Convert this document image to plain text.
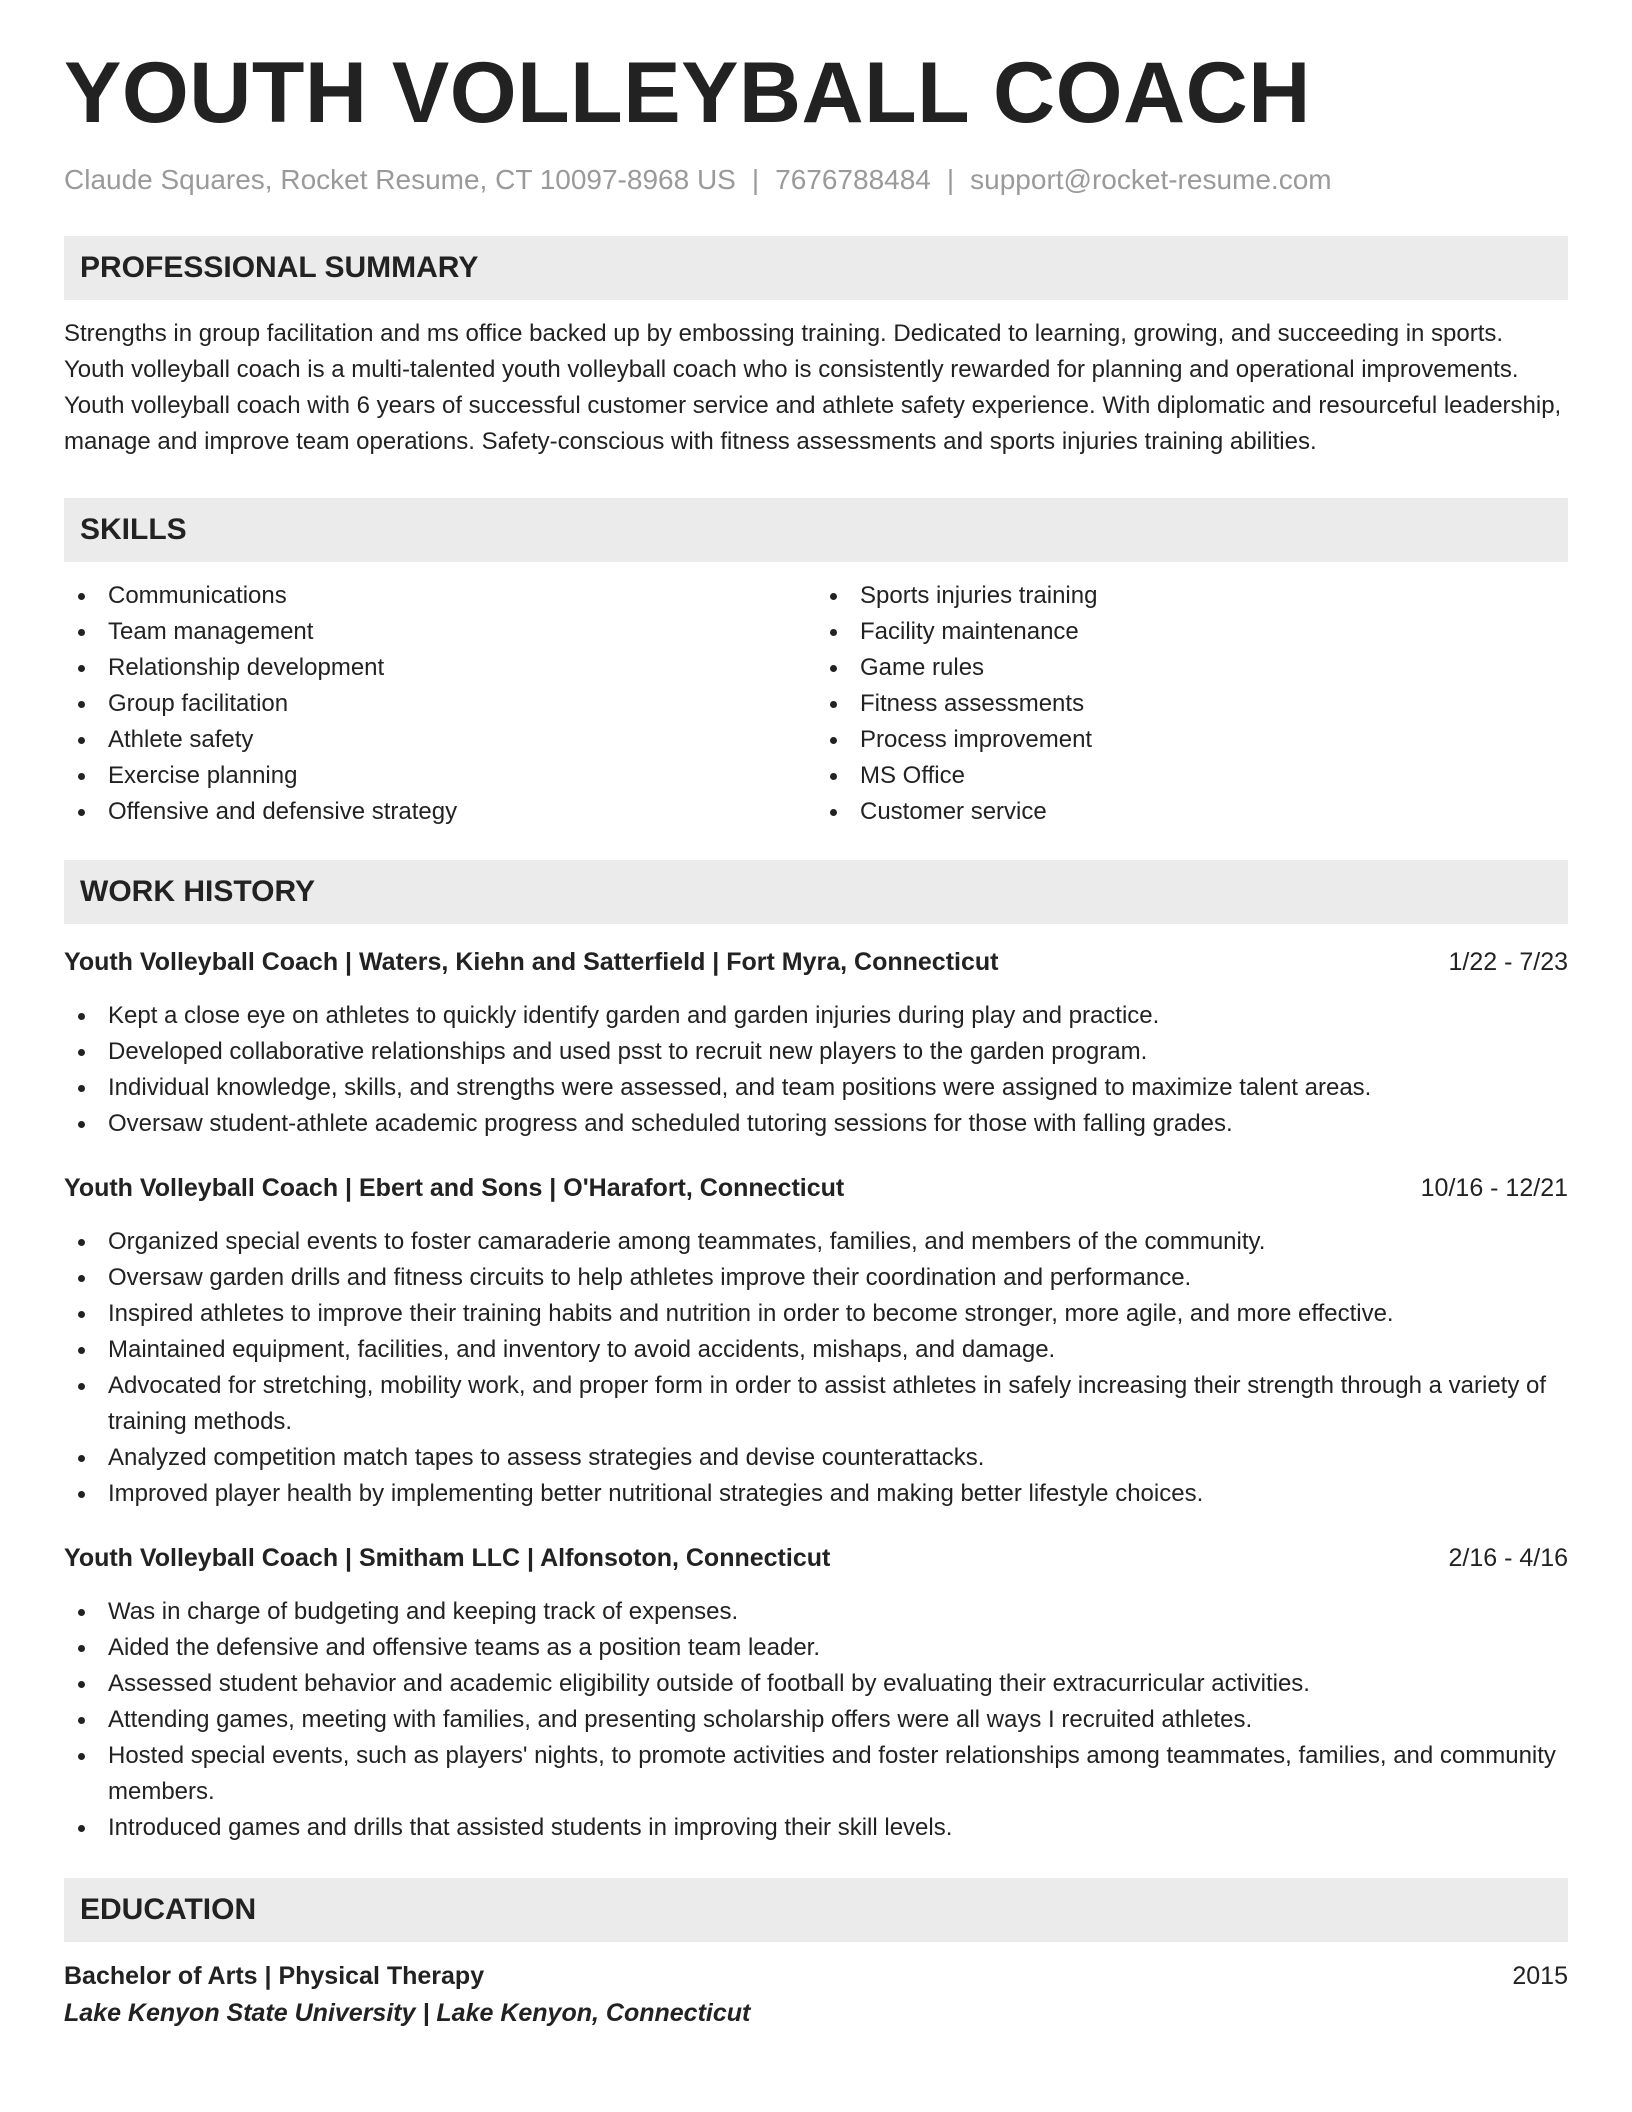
YOUTH VOLLEYBALL COACH
Claude Squares, Rocket Resume, CT 10097-8968 US | 7676788484 | support@rocket-resume.com
PROFESSIONAL SUMMARY

Strengths in group facilitation and ms office backed up by embossing training. Dedicated to learning, growing, and succeeding in sports. Youth volleyball coach is a multi-talented youth volleyball coach who is consistently rewarded for planning and operational improvements. Youth volleyball coach with 6 years of successful customer service and athlete safety experience. With diplomatic and resourceful leadership, manage and improve team operations. Safety-conscious with fitness assessments and sports injuries training abilities.

SKILLS
Communications
Team management
Relationship development
Group facilitation
Athlete safety
Exercise planning
Offensive and defensive strategy
Sports injuries training
Facility maintenance
Game rules
Fitness assessments
Process improvement
MS Office
Customer service
WORK HISTORY
Youth Volleyball Coach | Waters, Kiehn and Satterfield | Fort Myra, Connecticut	1/22 - 7/23
Kept a close eye on athletes to quickly identify garden and garden injuries during play and practice.
Developed collaborative relationships and used psst to recruit new players to the garden program.
Individual knowledge, skills, and strengths were assessed, and team positions were assigned to maximize talent areas.
Oversaw student-athlete academic progress and scheduled tutoring sessions for those with falling grades.
Youth Volleyball Coach | Ebert and Sons | O'Harafort, Connecticut	10/16 - 12/21
Organized special events to foster camaraderie among teammates, families, and members of the community.
Oversaw garden drills and fitness circuits to help athletes improve their coordination and performance.
Inspired athletes to improve their training habits and nutrition in order to become stronger, more agile, and more effective.
Maintained equipment, facilities, and inventory to avoid accidents, mishaps, and damage.
Advocated for stretching, mobility work, and proper form in order to assist athletes in safely increasing their strength through a variety of training methods.
Analyzed competition match tapes to assess strategies and devise counterattacks.
Improved player health by implementing better nutritional strategies and making better lifestyle choices.
Youth Volleyball Coach | Smitham LLC | Alfonsoton, Connecticut	2/16 - 4/16
Was in charge of budgeting and keeping track of expenses.
Aided the defensive and offensive teams as a position team leader.
Assessed student behavior and academic eligibility outside of football by evaluating their extracurricular activities.
Attending games, meeting with families, and presenting scholarship offers were all ways I recruited athletes.
Hosted special events, such as players' nights, to promote activities and foster relationships among teammates, families, and community members.
Introduced games and drills that assisted students in improving their skill levels.
EDUCATION
Bachelor of Arts | Physical Therapy	2015
Lake Kenyon State University | Lake Kenyon, Connecticut
